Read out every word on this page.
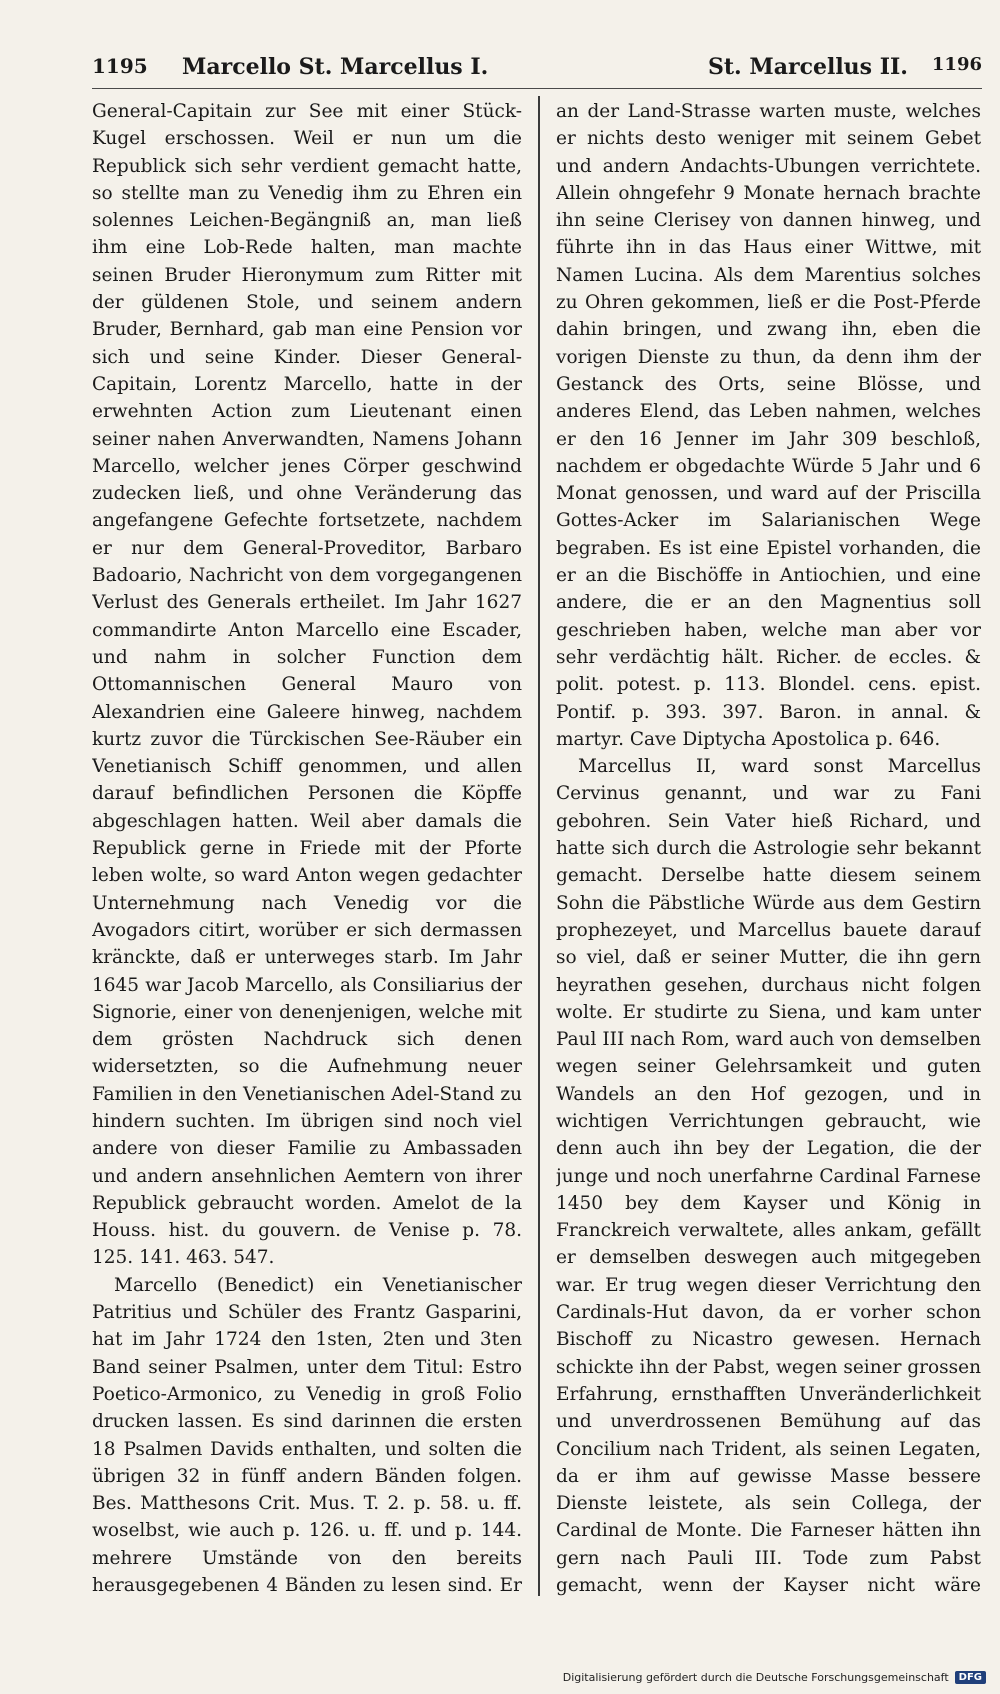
1195 Marcello St. Marcellus I.	St. Marcellus II. 1196

General-Capitain zur See mit einer Stück-Kugel erschossen. Weil er nun um die Republick sich sehr verdient gemacht hatte, so stellte man zu Venedig ihm zu Ehren ein solennes Leichen-Begängniß an, man ließ ihm eine Lob-Rede halten, man machte seinen Bruder Hieronymum zum Ritter mit der güldenen Stole, und seinem andern Bruder, Bernhard, gab man eine Pension vor sich und seine Kinder. Dieser General-Capitain, Lorentz Marcello, hatte in der erwehnten Action zum Lieutenant einen seiner nahen Anverwandten, Namens Johann Marcello, welcher jenes Cörper geschwind zudecken ließ, und ohne Veränderung das angefangene Gefechte fortsetzete, nachdem er nur dem General-Proveditor, Barbaro Badoario, Nachricht von dem vorgegangenen Verlust des Generals ertheilet. Im Jahr 1627 commandirte Anton Marcello eine Escader, und nahm in solcher Function dem Ottomannischen General Mauro von Alexandrien eine Galeere hinweg, nachdem kurtz zuvor die Türckischen See-Räuber ein Venetianisch Schiff genommen, und allen darauf befindlichen Personen die Köpffe abgeschlagen hatten. Weil aber damals die Republick gerne in Friede mit der Pforte leben wolte, so ward Anton wegen gedachter Unternehmung nach Venedig vor die Avogadors citirt, worüber er sich dermassen kränckte, daß er unterweges starb. Im Jahr 1645 war Jacob Marcello, als Consiliarius der Signorie, einer von denenjenigen, welche mit dem grösten Nachdruck sich denen widersetzten, so die Aufnehmung neuer Familien in den Venetianischen Adel-Stand zu hindern suchten. Im übrigen sind noch viel andere von dieser Familie zu Ambassaden und andern ansehnlichen Aemtern von ihrer Republick gebraucht worden. Amelot de la Houss. hist. du gouvern. de Venise p. 78. 125. 141. 463. 547.

Marcello (Benedict) ein Venetianischer Patritius und Schüler des Frantz Gasparini, hat im Jahr 1724 den 1sten, 2ten und 3ten Band seiner Psalmen, unter dem Titul: Estro Poetico-Armonico, zu Venedig in groß Folio drucken lassen. Es sind darinnen die ersten 18 Psalmen Davids enthalten, und solten die übrigen 32 in fünff andern Bänden folgen. Bes. Matthesons Crit. Mus. T. 2. p. 58. u. ff. woselbst, wie auch p. 126. u. ff. und p. 144. mehrere Umstände von den bereits herausgegebenen 4 Bänden zu lesen sind. Er

an der Land-Strasse warten muste, welches er nichts desto weniger mit seinem Gebet und andern Andachts-Ubungen verrichtete. Allein ohngefehr 9 Monate hernach brachte ihn seine Clerisey von dannen hinweg, und führte ihn in das Haus einer Wittwe, mit Namen Lucina. Als dem Marentius solches zu Ohren gekommen, ließ er die Post-Pferde dahin bringen, und zwang ihn, eben die vorigen Dienste zu thun, da denn ihm der Gestanck des Orts, seine Blösse, und anderes Elend, das Leben nahmen, welches er den 16 Jenner im Jahr 309 beschloß, nachdem er obgedachte Würde 5 Jahr und 6 Monat genossen, und ward auf der Priscilla Gottes-Acker im Salarianischen Wege begraben. Es ist eine Epistel vorhanden, die er an die Bischöffe in Antiochien, und eine andere, die er an den Magnentius soll geschrieben haben, welche man aber vor sehr verdächtig hält. Richer. de eccles. & polit. potest. p. 113. Blondel. cens. epist. Pontif. p. 393. 397. Baron. in annal. & martyr. Cave Diptycha Apostolica p. 646.

Marcellus II, ward sonst Marcellus Cervinus genannt, und war zu Fani gebohren. Sein Vater hieß Richard, und hatte sich durch die Astrologie sehr bekannt gemacht. Derselbe hatte diesem seinem Sohn die Päbstliche Würde aus dem Gestirn prophezeyet, und Marcellus bauete darauf so viel, daß er seiner Mutter, die ihn gern heyrathen gesehen, durchaus nicht folgen wolte. Er studirte zu Siena, und kam unter Paul III nach Rom, ward auch von demselben wegen seiner Gelehrsamkeit und guten Wandels an den Hof gezogen, und in wichtigen Verrichtungen gebraucht, wie denn auch ihn bey der Legation, die der junge und noch unerfahrne Cardinal Farnese 1450 bey dem Kayser und König in Franckreich verwaltete, alles ankam, gefällt er demselben deswegen auch mitgegeben war. Er trug wegen dieser Verrichtung den Cardinals-Hut davon, da er vorher schon Bischoff zu Nicastro gewesen. Hernach schickte ihn der Pabst, wegen seiner grossen Erfahrung, ernsthafften Unveränderlichkeit und unverdrossenen Bemühung auf das Concilium nach Trident, als seinen Legaten, da er ihm auf gewisse Masse bessere Dienste leistete, als sein Collega, der Cardinal de Monte. Die Farneser hätten ihn gern nach Pauli III. Tode zum Pabst gemacht, wenn der Kayser nicht wäre

Digitalisierung gefördert durch die Deutsche Forschungsgemeinschaft	DFG
